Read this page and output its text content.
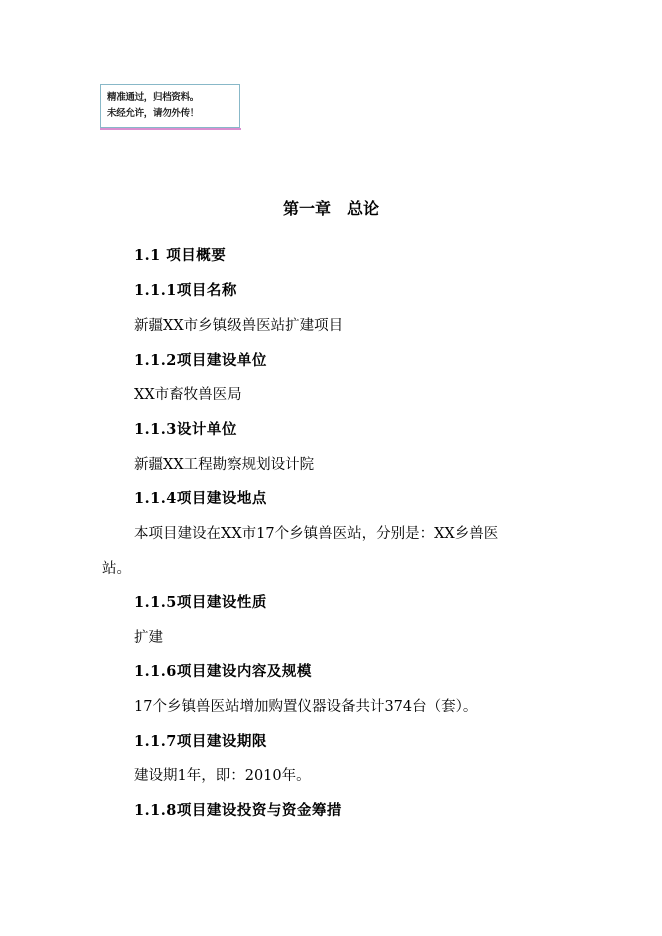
精准通过，归档资料。
未经允许，请勿外传！
第一章　总论
1.1 项目概要
1.1.1项目名称
新疆XX市乡镇级兽医站扩建项目
1.1.2项目建设单位
XX市畜牧兽医局
1.1.3设计单位
新疆XX工程勘察规划设计院
1.1.4项目建设地点
本项目建设在XX市17个乡镇兽医站，分别是：XX乡兽医
站。
1.1.5项目建设性质
扩建
1.1.6项目建设内容及规模
17个乡镇兽医站增加购置仪器设备共计374台（套）。
1.1.7项目建设期限
建设期1年，即：2010年。
1.1.8项目建设投资与资金筹措
